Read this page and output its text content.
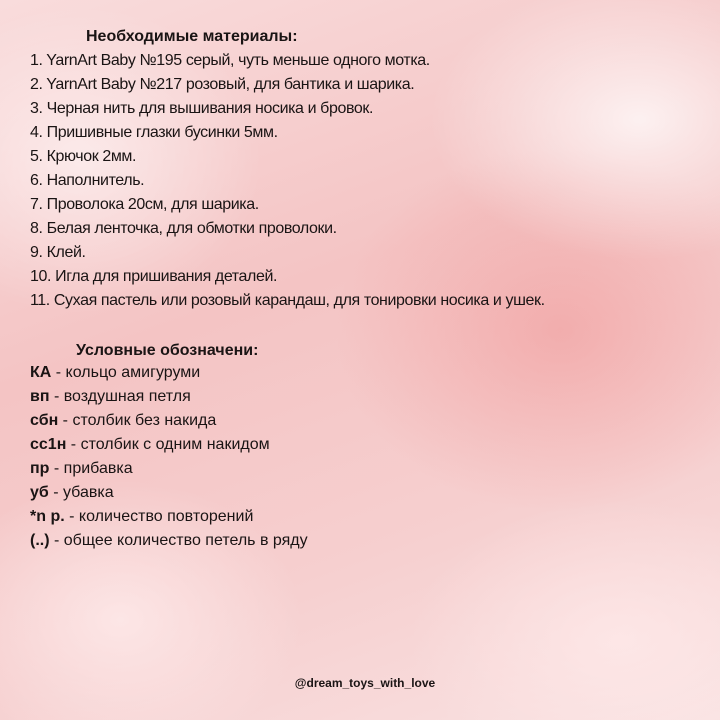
Необходимые материалы:
1. YarnArt Baby №195 серый, чуть меньше одного мотка.
2. YarnArt Baby №217 розовый, для бантика и шарика.
3. Черная нить для вышивания носика и бровок.
4. Пришивные глазки бусинки 5мм.
5. Крючок 2мм.
6. Наполнитель.
7. Проволока 20см, для шарика.
8. Белая ленточка, для обмотки проволоки.
9. Клей.
10. Игла для пришивания деталей.
11. Сухая пастель или розовый карандаш, для тонировки носика и ушек.
Условные обозначени:
КА - кольцо амигуруми
вп - воздушная петля
сбн - столбик без накида
сс1н - столбик с одним накидом
пр - прибавка
уб - убавка
*n р. - количество повторений
(..) - общее количество петель в ряду
@dream_toys_with_love
